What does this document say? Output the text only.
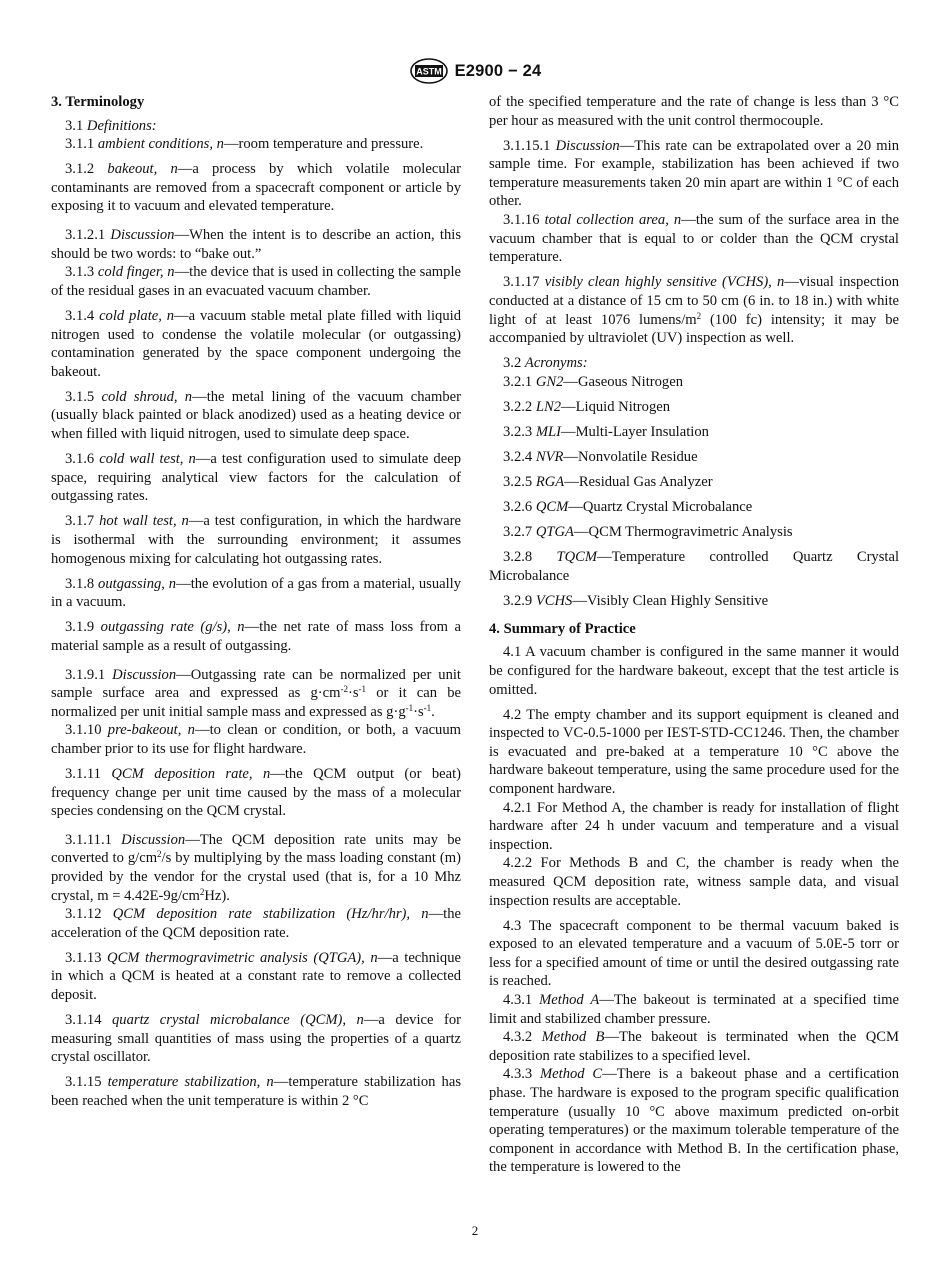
ASTM E2900 − 24
3. Terminology

3.1 Definitions:

3.1.1 ambient conditions, n—room temperature and pressure.

3.1.2 bakeout, n—a process by which volatile molecular contaminants are removed from a spacecraft component or article by exposing it to vacuum and elevated temperature.

3.1.2.1 Discussion—When the intent is to describe an action, this should be two words: to “bake out.”

3.1.3 cold finger, n—the device that is used in collecting the sample of the residual gases in an evacuated vacuum chamber.

3.1.4 cold plate, n—a vacuum stable metal plate filled with liquid nitrogen used to condense the volatile molecular (or outgassing) contamination generated by the space component undergoing the bakeout.

3.1.5 cold shroud, n—the metal lining of the vacuum chamber (usually black painted or black anodized) used as a heating device or when filled with liquid nitrogen, used to simulate deep space.

3.1.6 cold wall test, n—a test configuration used to simulate deep space, requiring analytical view factors for the calculation of outgassing rates.

3.1.7 hot wall test, n—a test configuration, in which the hardware is isothermal with the surrounding environment; it assumes homogenous mixing for calculating hot outgassing rates.

3.1.8 outgassing, n—the evolution of a gas from a material, usually in a vacuum.

3.1.9 outgassing rate (g/s), n—the net rate of mass loss from a material sample as a result of outgassing.

3.1.9.1 Discussion—Outgassing rate can be normalized per unit sample surface area and expressed as $g\cdot cm^{-2}\cdot s^{-1}$ or it can be normalized per unit initial sample mass and expressed as $g\cdot g^{-1}\cdot s^{-1}$.

3.1.10 pre-bakeout, n—to clean or condition, or both, a vacuum chamber prior to its use for flight hardware.

3.1.11 QCM deposition rate, n—the QCM output (or beat) frequency change per unit time caused by the mass of a molecular species condensing on the QCM crystal.

3.1.11.1 Discussion—The QCM deposition rate units may be converted to $g/cm^2/s$ by multiplying by the mass loading constant (m) provided by the vendor for the crystal used (that is, for a 10 Mhz crystal, $m = 4.42E-9g/cm^2Hz$).

3.1.12 QCM deposition rate stabilization (Hz/hr/hr), n—the acceleration of the QCM deposition rate.

3.1.13 QCM thermogravimetric analysis (QTGA), n—a technique in which a QCM is heated at a constant rate to remove a collected deposit.

3.1.14 quartz crystal microbalance (QCM), n—a device for measuring small quantities of mass using the properties of a quartz crystal oscillator.

3.1.15 temperature stabilization, n—temperature stabilization has been reached when the unit temperature is within 2 °C

of the specified temperature and the rate of change is less than 3 °C per hour as measured with the unit control thermocouple.

3.1.15.1 Discussion—This rate can be extrapolated over a 20 min sample time. For example, stabilization has been achieved if two temperature measurements taken 20 min apart are within 1 °C of each other.

3.1.16 total collection area, n—the sum of the surface area in the vacuum chamber that is equal to or colder than the QCM crystal temperature.

3.1.17 visibly clean highly sensitive (VCHS), n—visual inspection conducted at a distance of 15 cm to 50 cm (6 in. to 18 in.) with white light of at least 1076 lumens/$m^2$ (100 fc) intensity; it may be accompanied by ultraviolet (UV) inspection as well.

3.2 Acronyms:

3.2.1 GN2—Gaseous Nitrogen

3.2.2 LN2—Liquid Nitrogen

3.2.3 MLI—Multi-Layer Insulation

3.2.4 NVR—Nonvolatile Residue

3.2.5 RGA—Residual Gas Analyzer

3.2.6 QCM—Quartz Crystal Microbalance

3.2.7 QTGA—QCM Thermogravimetric Analysis

3.2.8 TQCM—Temperature controlled Quartz Crystal Microbalance

3.2.9 VCHS—Visibly Clean Highly Sensitive

4. Summary of Practice

4.1 A vacuum chamber is configured in the same manner it would be configured for the hardware bakeout, except that the test article is omitted.

4.2 The empty chamber and its support equipment is cleaned and inspected to VC-0.5-1000 per IEST-STD-CC1246. Then, the chamber is evacuated and pre-baked at a temperature 10 °C above the hardware bakeout temperature, using the same procedure used for the component hardware.

4.2.1 For Method A, the chamber is ready for installation of flight hardware after 24 h under vacuum and temperature and a visual inspection.

4.2.2 For Methods B and C, the chamber is ready when the measured QCM deposition rate, witness sample data, and visual inspection results are acceptable.

4.3 The spacecraft component to be thermal vacuum baked is exposed to an elevated temperature and a vacuum of 5.0E-5 torr or less for a specified amount of time or until the desired outgassing rate is reached.

4.3.1 Method A—The bakeout is terminated at a specified time limit and stabilized chamber pressure.

4.3.2 Method B—The bakeout is terminated when the QCM deposition rate stabilizes to a specified level.

4.3.3 Method C—There is a bakeout phase and a certification phase. The hardware is exposed to the program specific qualification temperature (usually 10 °C above maximum predicted on-orbit operating temperatures) or the maximum tolerable temperature of the component in accordance with Method B. In the certification phase, the temperature is lowered to the

2
